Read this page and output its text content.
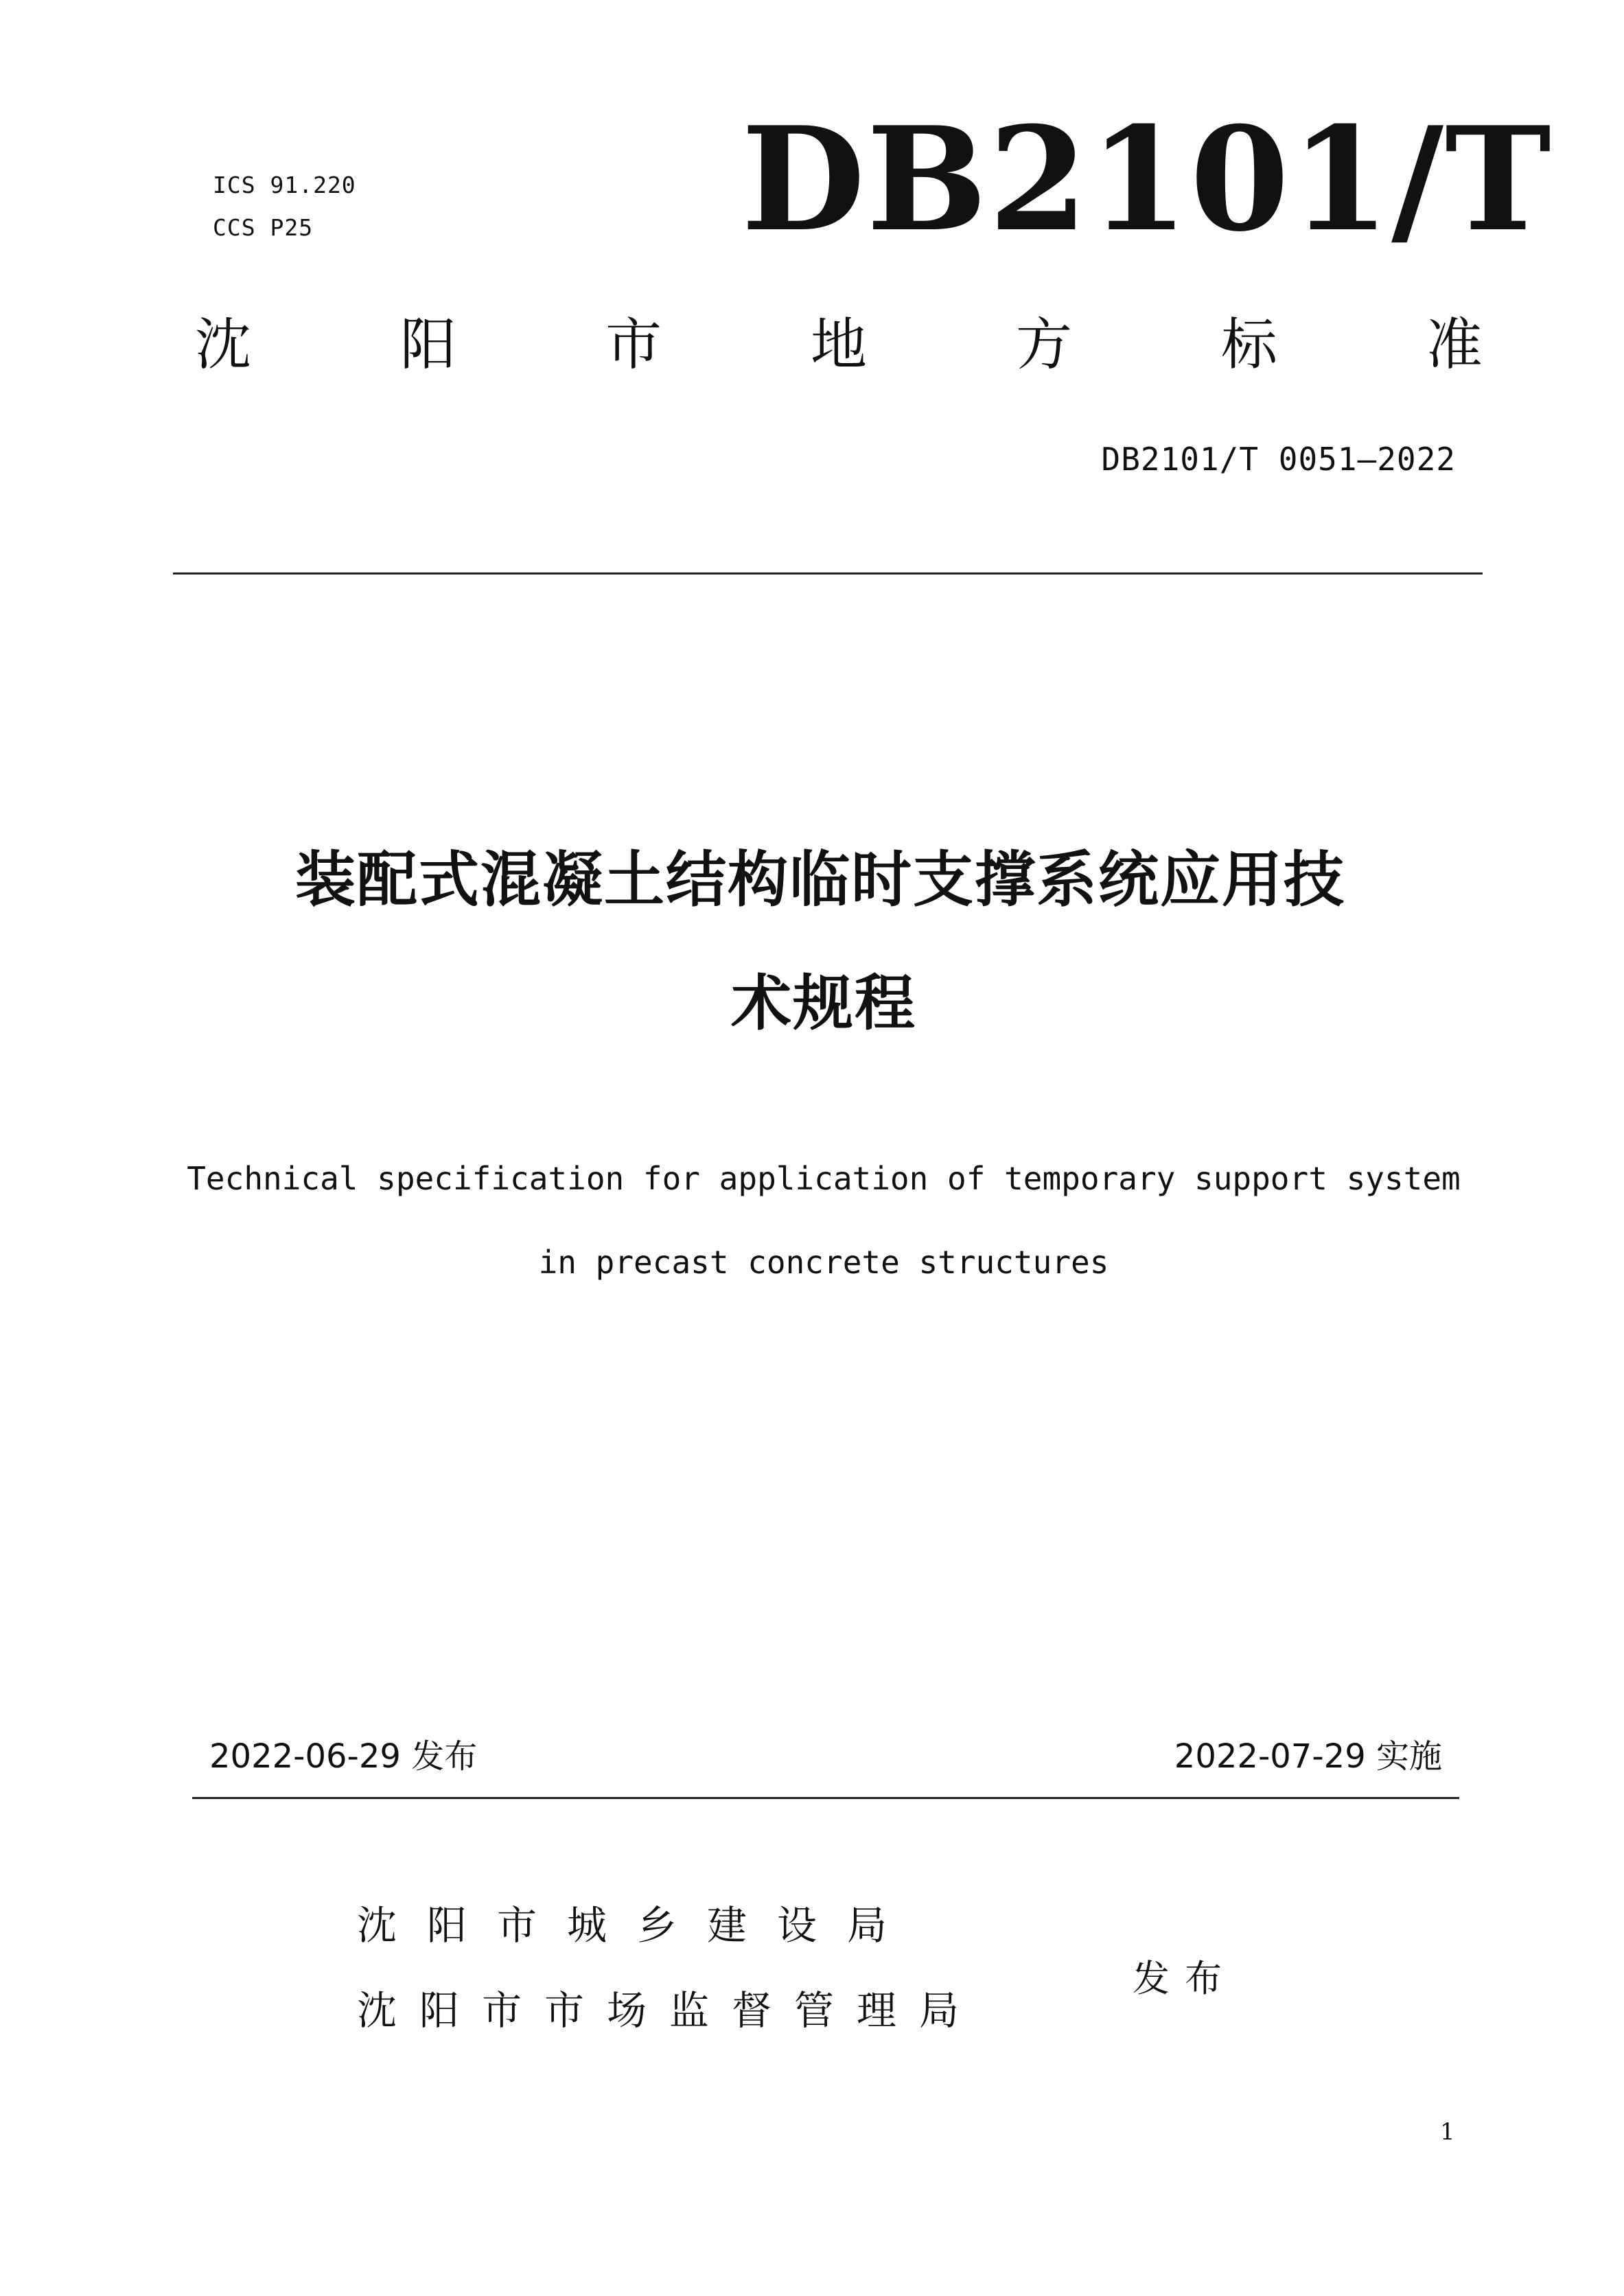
ICS 91.220
CCS P25	DB2101/T
沈	阳	市	地	方	标	准
DB2101/T 0051—2022
装配式混凝土结构临时支撑系统应用技
术规程
Technical specification for application of temporary support system
in precast concrete structures
2022-06-29 发布	2022-07-29 实施
沈阳市城乡建设局
沈阳市市场监督管理局
发布
1
